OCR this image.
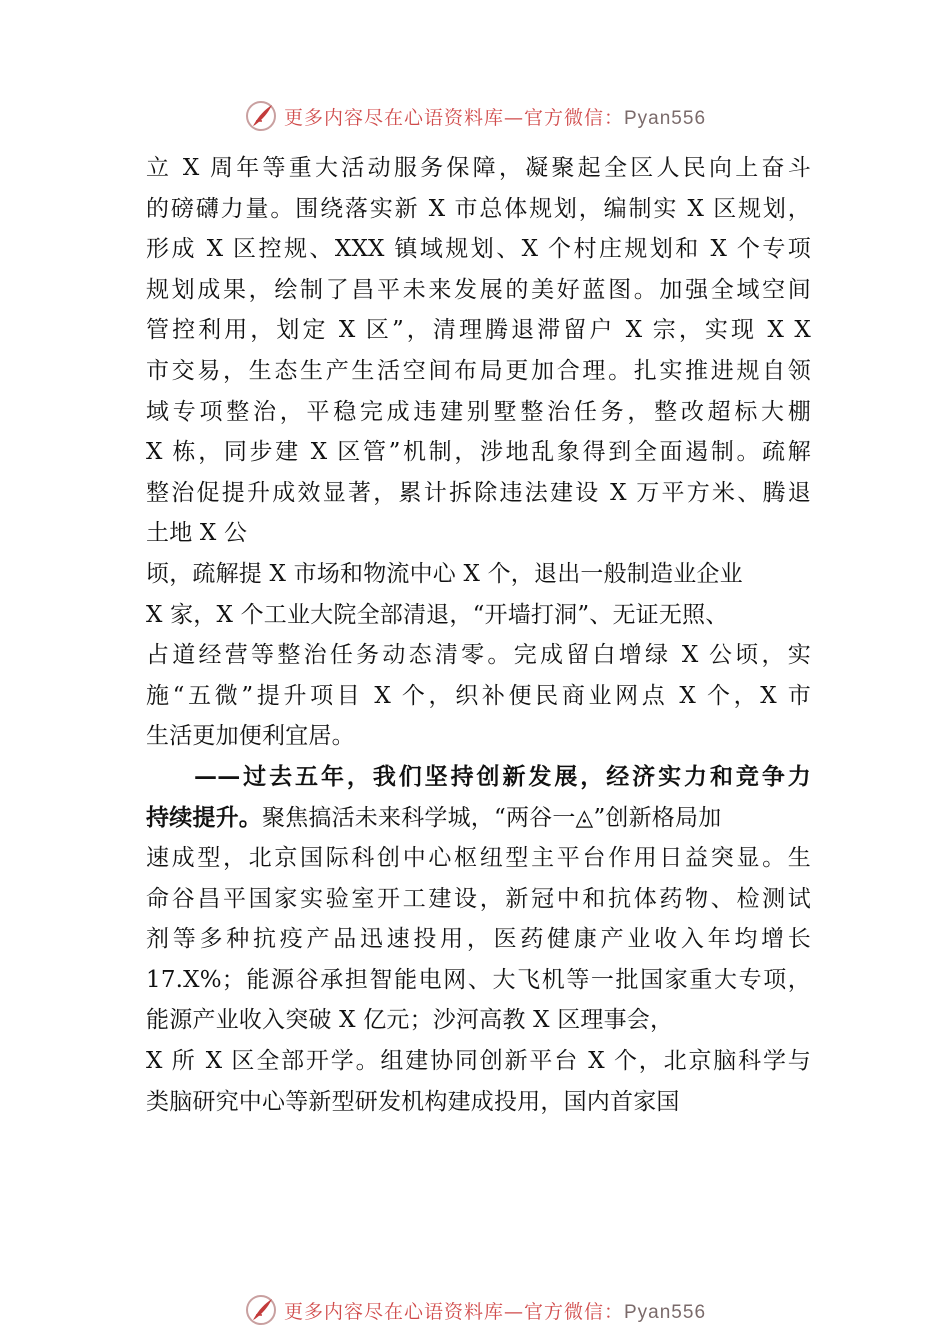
更多内容尽在心语资料库—官方微信：Pyan556
立 X 周年等重大活动服务保障，凝聚起全区人民向上奋斗
的磅礴力量。围绕落实新 X 市总体规划，编制实 X 区规划，
形成 X 区控规、XXX 镇域规划、X 个村庄规划和 X 个专项
规划成果，绘制了昌平未来发展的美好蓝图。加强全域空间
管控利用，划定 X 区”，清理腾退滞留户 X 宗，实现 X X
市交易，生态生产生活空间布局更加合理。扎实推进规自领
域专项整治，平稳完成违建别墅整治任务，整改超标大棚
X 栋，同步建 X 区管”机制，涉地乱象得到全面遏制。疏解
整治促提升成效显著，累计拆除违法建设 X 万平方米、腾退
土地 X 公
顷，疏解提 X 市场和物流中心 X 个，退出一般制造业企业
X 家，X 个工业大院全部清退，“开墙打洞”、无证无照、
占道经营等整治任务动态清零。完成留白增绿 X 公顷，实
施“五微”提升项目 X 个，织补便民商业网点 X 个，X 市
生活更加便利宜居。
——过去五年，我们坚持创新发展，经济实力和竞争力
持续提升。聚焦搞活未来科学城，“两谷一◬”创新格局加
速成型，北京国际科创中心枢纽型主平台作用日益突显。生
命谷昌平国家实验室开工建设，新冠中和抗体药物、检测试
剂等多种抗疫产品迅速投用，医药健康产业收入年均增长
17.X%；能源谷承担智能电网、大飞机等一批国家重大专项，
能源产业收入突破 X 亿元；沙河高教 X 区理事会，
X 所 X 区全部开学。组建协同创新平台 X 个，北京脑科学与
类脑研究中心等新型研发机构建成投用，国内首家国
更多内容尽在心语资料库—官方微信：Pyan556
